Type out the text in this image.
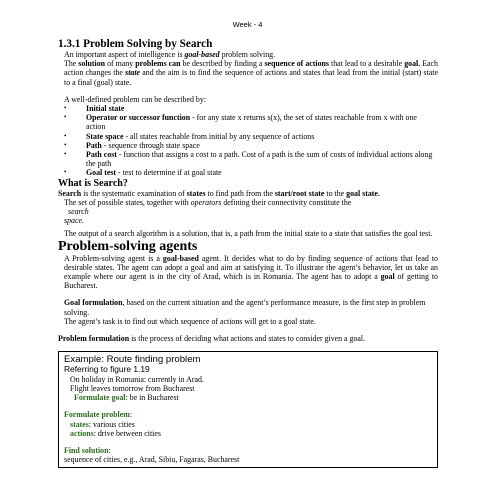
Week - 4

1.3.1 Problem Solving by Search

An important aspect of intelligence is goal-based problem solving.

The solution of many problems can be described by finding a sequence of actions that lead to a desirable goal. Each action changes the state and the aim is to find the sequence of actions and states that lead from the initial (start) state to a final (goal) state.

A well-defined problem can be described by:

• Initial state
• Operator or successor function - for any state x returns s(x), the set of states reachable from x with one action
• State space - all states reachable from initial by any sequence of actions
• Path - sequence through state space
• Path cost - function that assigns a cost to a path. Cost of a path is the sum of costs of individual actions along the path
• Goal test - test to determine if at goal state

What is Search?

Search is the systematic examination of states to find path from the start/root state to the goal state.

The set of possible states, together with operators defining their connectivity constitute the
search
space.

The output of a search algorithm is a solution, that is, a path from the initial state to a state that satisfies the goal test.

Problem-solving agents

A Problem-solving agent is a goal-based agent. It decides what to do by finding sequence of actions that lead to desirable states. The agent can adopt a goal and aim at satisfying it. To illustrate the agent’s behavior, let us take an example where our agent is in the city of Arad, which is in Romania. The agent has to adopt a goal of getting to Bucharest.

Goal formulation, based on the current situation and the agent’s performance measure, is the first step in problem solving.

The agent’s task is to find out which sequence of actions will get to a goal state.

Problem formulation is the process of deciding what actions and states to consider given a goal.

Example: Route finding problem
Referring to figure 1.19

On holiday in Romania: currently in Arad.

Flight leaves tomorrow from Bucharest

Formulate goal: be in Bucharest

Formulate problem:

states: various cities

actions: drive between cities

Find solution:

sequence of cities, e.g., Arad, Sibiu, Fagaras, Bucharest
